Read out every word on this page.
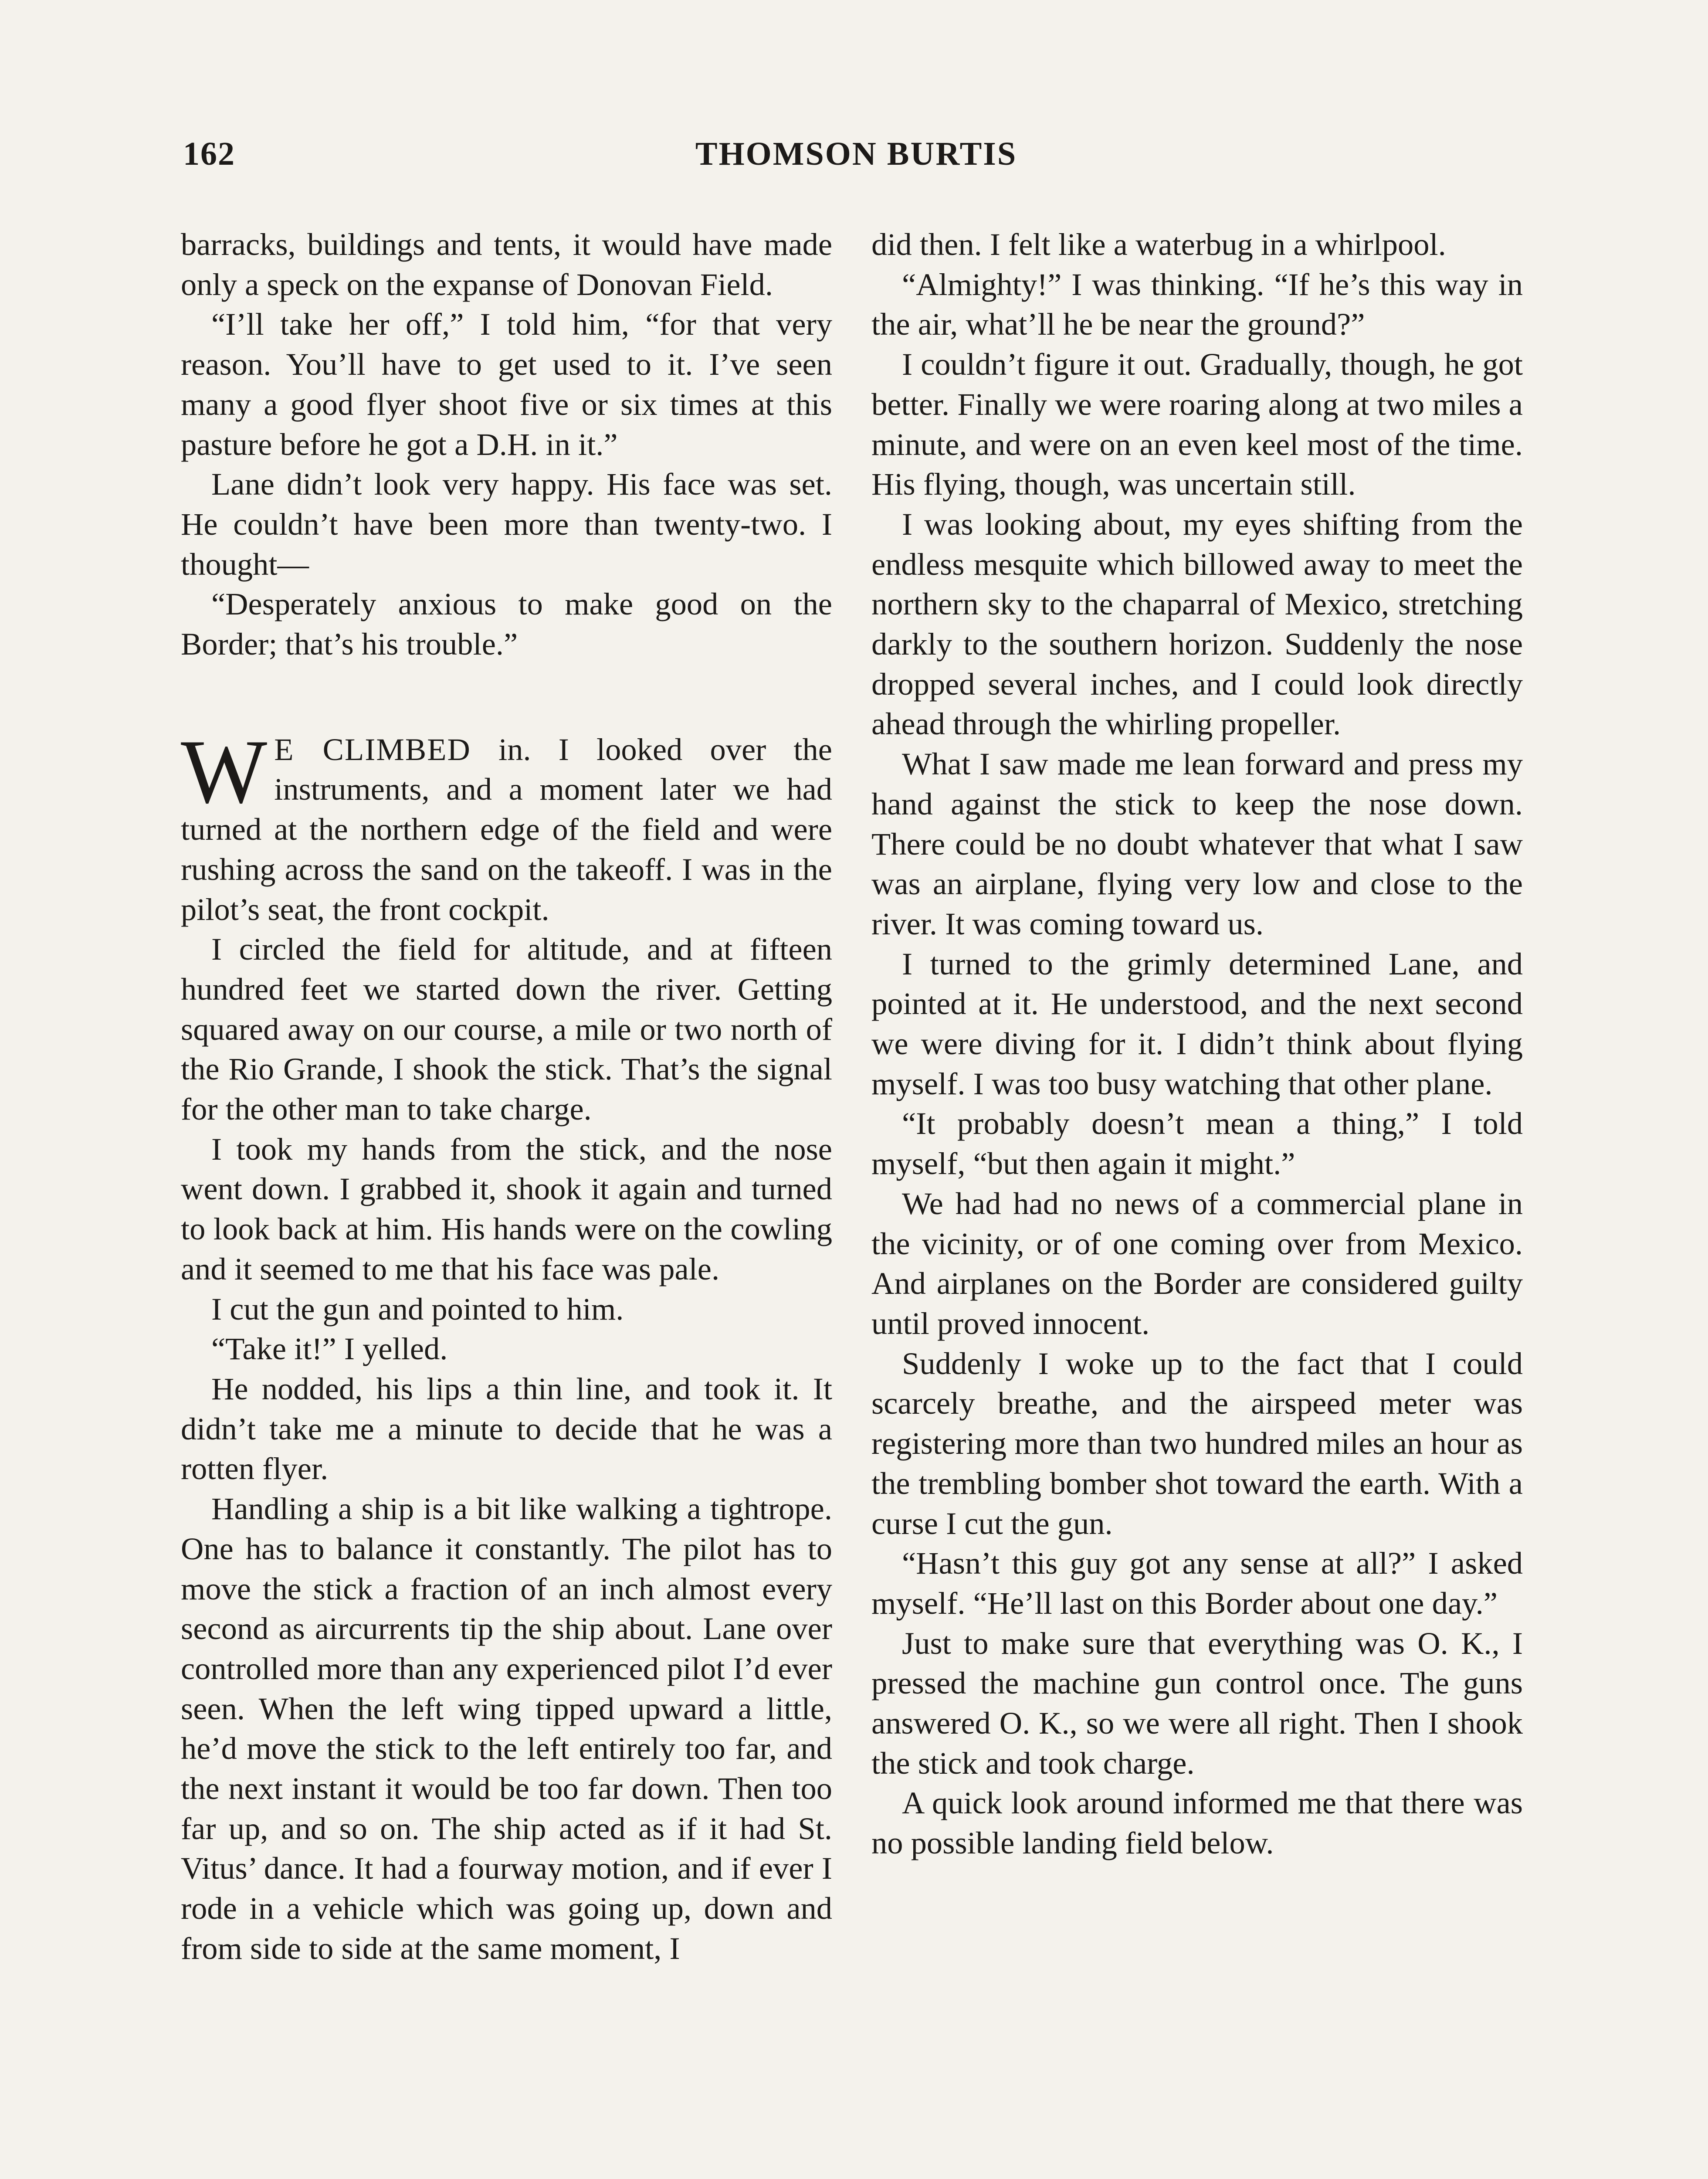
162	THOMSON BURTIS

barracks, buildings and tents, it would have made only a speck on the expanse of Donovan Field.

“I’ll take her off,” I told him, “for that very reason. You’ll have to get used to it. I’ve seen many a good flyer shoot five or six times at this pasture before he got a D.H. in it.”

Lane didn’t look very happy. His face was set. He couldn’t have been more than twenty-two. I thought—

“Desperately anxious to make good on the Border; that’s his trouble.”

W E CLIMBED in. I looked over the instruments, and a moment later we had turned at the northern edge of the field and were rushing across the sand on the takeoff. I was in the pilot’s seat, the front cockpit.

I circled the field for altitude, and at fifteen hundred feet we started down the river. Getting squared away on our course, a mile or two north of the Rio Grande, I shook the stick. That’s the signal for the other man to take charge.

I took my hands from the stick, and the nose went down. I grabbed it, shook it again and turned to look back at him. His hands were on the cowling and it seemed to me that his face was pale.

I cut the gun and pointed to him.

“Take it!” I yelled.

He nodded, his lips a thin line, and took it. It didn’t take me a minute to decide that he was a rotten flyer.

Handling a ship is a bit like walking a tightrope. One has to balance it constantly. The pilot has to move the stick a fraction of an inch almost every second as aircurrents tip the ship about. Lane over controlled more than any experienced pilot I’d ever seen. When the left wing tipped upward a little, he’d move the stick to the left entirely too far, and the next instant it would be too far down. Then too far up, and so on. The ship acted as if it had St. Vitus’ dance. It had a fourway motion, and if ever I rode in a vehicle which was going up, down and from side to side at the same moment, I

did then. I felt like a waterbug in a whirlpool.

“Almighty!” I was thinking. “If he’s this way in the air, what’ll he be near the ground?”

I couldn’t figure it out. Gradually, though, he got better. Finally we were roaring along at two miles a minute, and were on an even keel most of the time. His flying, though, was uncertain still.

I was looking about, my eyes shifting from the endless mesquite which billowed away to meet the northern sky to the chaparral of Mexico, stretching darkly to the southern horizon. Suddenly the nose dropped several inches, and I could look directly ahead through the whirling propeller.

What I saw made me lean forward and press my hand against the stick to keep the nose down. There could be no doubt whatever that what I saw was an airplane, flying very low and close to the river. It was coming toward us.

I turned to the grimly determined Lane, and pointed at it. He understood, and the next second we were diving for it. I didn’t think about flying myself. I was too busy watching that other plane.

“It probably doesn’t mean a thing,” I told myself, “but then again it might.”

We had had no news of a commercial plane in the vicinity, or of one coming over from Mexico. And airplanes on the Border are considered guilty until proved innocent.

Suddenly I woke up to the fact that I could scarcely breathe, and the airspeed meter was registering more than two hundred miles an hour as the trembling bomber shot toward the earth. With a curse I cut the gun.

“Hasn’t this guy got any sense at all?” I asked myself. “He’ll last on this Border about one day.”

Just to make sure that everything was O. K., I pressed the machine gun control once. The guns answered O. K., so we were all right. Then I shook the stick and took charge.

A quick look around informed me that there was no possible landing field below.
